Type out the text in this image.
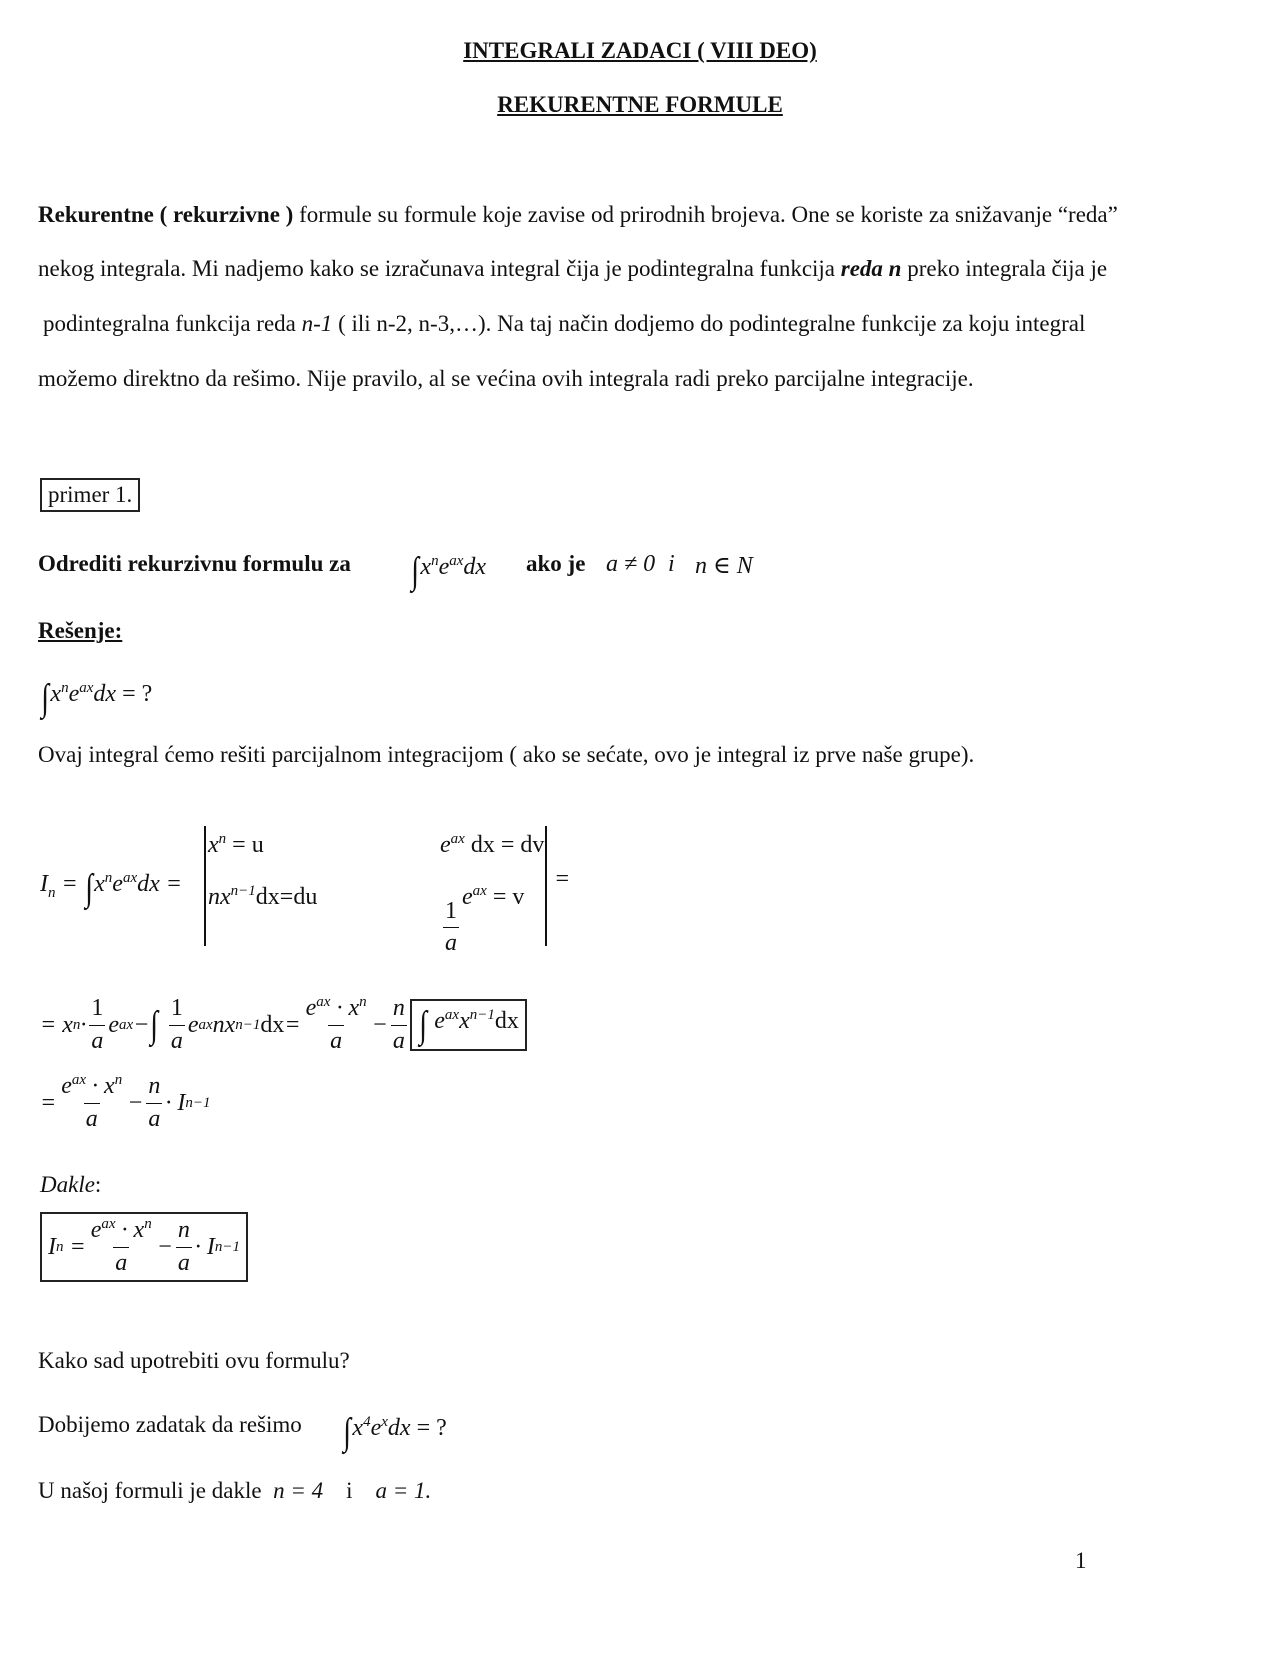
INTEGRALI ZADACI ( VIII DEO)
REKURENTNE FORMULE
Rekurentne ( rekurzivne ) formule su formule koje zavise od prirodnih brojeva. One se koriste za snižavanje “reda”
nekog integrala. Mi nadjemo kako se izračunava integral čija je podintegralna funkcija reda n preko integrala čija je
podintegralna funkcija reda n-1 ( ili n-2, n-3,…). Na taj način dodjemo do podintegralne funkcije za koju integral
možemo direktno da rešimo. Nije pravilo, al se većina ovih integrala radi preko parcijalne integracije.
primer 1.
Odrediti rekurzivnu formulu za $\int x^ne^{ax}dx$ ako je a ≠ 0 i n ∈ N
Rešenje:
$\int x^ne^{ax}dx$ = ?
Ovaj integral ćemo rešiti parcijalnom integracijom ( ako se sećate, ovo je integral iz prve naše grupe).
$I_n = \int x^ne^{ax}dx$ =
$x^n = u$
$nx^{n-1}dx=du$
$e^{ax}$ dx = dv
$\frac{1}{a}$
$e^{ax} = v$
=
= x $n \cdot \frac{1}{a}$ e ax − ∫
$\frac{1}{a}$ e ax nx n−1 dx = $\frac{e^{ax} \cdot x^n}{a} - \frac{n}{a}$ ∫ $e^{ax}x^{n-1}dx$
= $\frac{e^{ax} \cdot x^n}{a} - \frac{n}{a} \cdot I$ n−1
Dakle:
I $n = \frac{e^{ax} \cdot x^n}{a} - \frac{n}{a} \cdot I$ n−1
Kako sad upotrebiti ovu formulu?
Dobijemo zadatak da rešimo $\int x^4e^xdx$ = ?
U našoj formuli je dakle n = 4 i a = 1.
1
